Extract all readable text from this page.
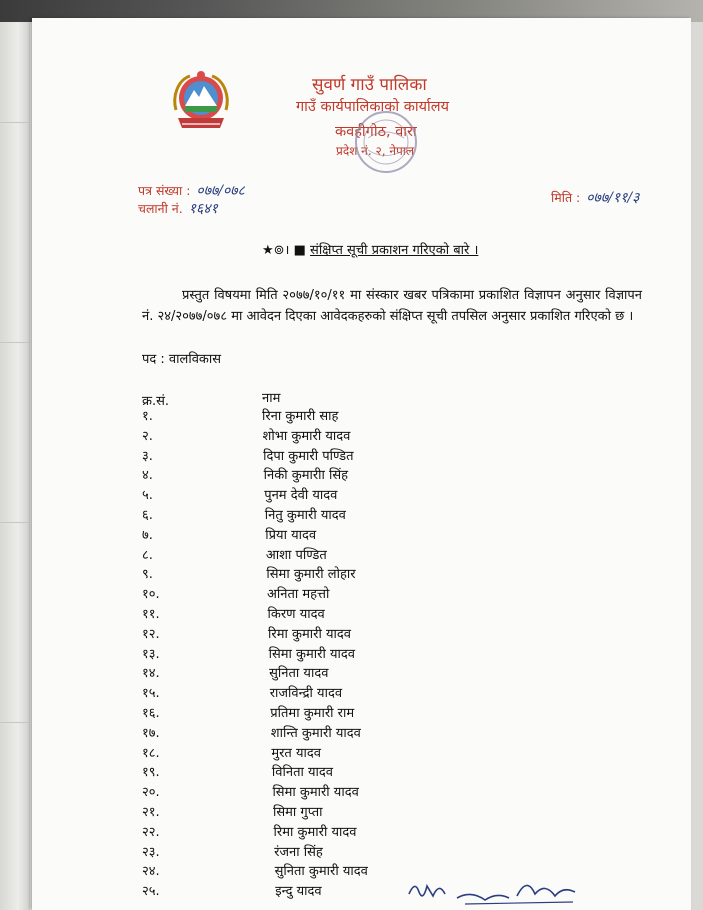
सुवर्ण गाउँ पालिका
गाउँ कार्यपालिकाको कार्यालय
कवहीगोठ, वारा
प्रदेश नं. २, नेपाल
पत्र संख्या : ०७७/०७८
चलानी नं. १६४१
मिति : ०७७/११/३
★⊚। ■ संक्षिप्त सूची प्रकाशन गरिएको बारे ।

प्रस्तुत विषयमा मिति २०७७/१०/११ मा संस्कार खबर पत्रिकामा प्रकाशित विज्ञापन अनुसार विज्ञापन नं. २४/२०७७/०७८ मा आवेदन दिएका आवेदकहरुको संक्षिप्त सूची तपसिल अनुसार प्रकाशित गरिएको छ ।

पद : वालविकास
क्र.सं.	नाम
१.	रिना कुमारी साह
२.	शोभा कुमारी यादव
३.	दिपा कुमारी पण्डित
४.	निकी कुमारीा सिंह
५.	पुनम देवी यादव
६.	नितु कुमारी यादव
७.	प्रिया यादव
८.	आशा पण्डित
९.	सिमा कुमारी लोहार
१०.	अनिता महत्तो
११.	किरण यादव
१२.	रिमा कुमारी यादव
१३.	सिमा कुमारी यादव
१४.	सुनिता यादव
१५.	राजविन्द्री यादव
१६.	प्रतिमा कुमारी राम
१७.	शान्ति कुमारी यादव
१८.	मुरत यादव
१९.	विनिता यादव
२०.	सिमा कुमारी यादव
२१.	सिमा गुप्ता
२२.	रिमा कुमारी यादव
२३.	रंजना सिंह
२४.	सुनिता कुमारी यादव
२५.	इन्दु यादव
